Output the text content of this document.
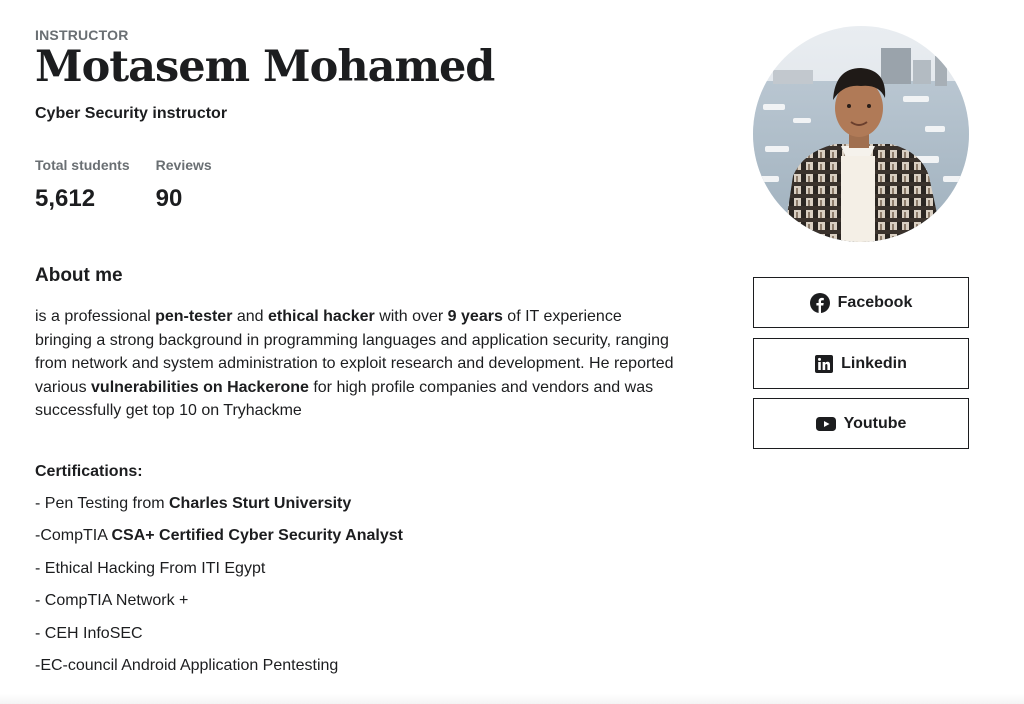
INSTRUCTOR
Motasem Mohamed
Cyber Security instructor
Total students
5,612
Reviews
90
About me
is a professional pen-tester and ethical hacker with over 9 years of IT experience bringing a strong background in programming languages and application security, ranging from network and system administration to exploit research and development. He reported various vulnerabilities on Hackerone for high profile companies and vendors and was successfully get top 10 on Tryhackme
Certifications:
- Pen Testing from Charles Sturt University
-CompTIA CSA+ Certified Cyber Security Analyst
- Ethical Hacking From ITI Egypt
- CompTIA Network +
- CEH InfoSEC
-EC-council Android Application Pentesting
Facebook
Linkedin
Youtube
